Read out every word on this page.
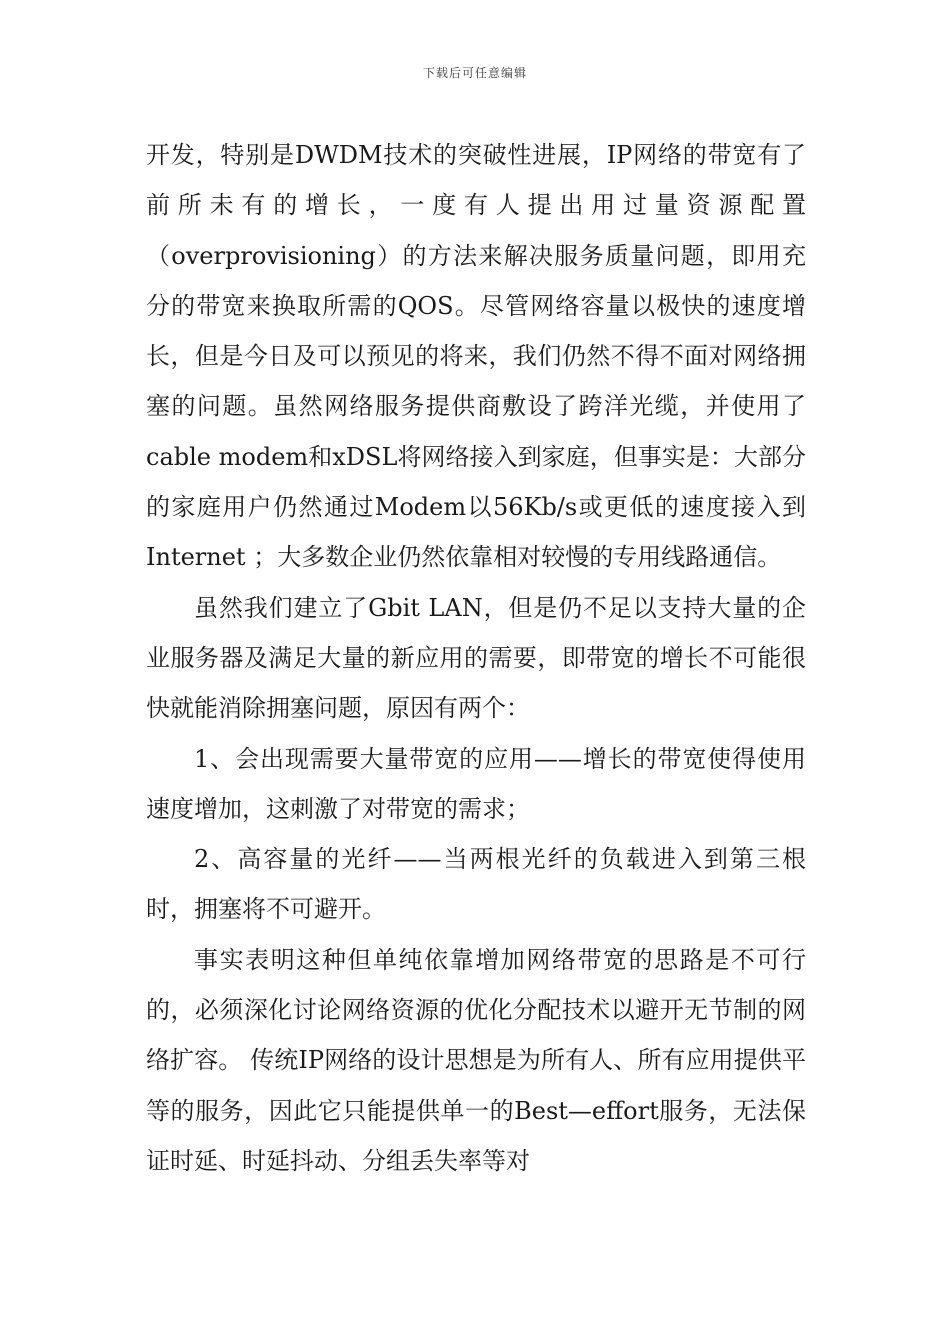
下载后可任意编辑

开发，特别是DWDM技术的突破性进展，IP网络的带宽有了前所未有的增长，一度有人提出用过量资源配置（overprovisioning）的方法来解决服务质量问题，即用充分的带宽来换取所需的QOS。尽管网络容量以极快的速度增长，但是今日及可以预见的将来，我们仍然不得不面对网络拥塞的问题。虽然网络服务提供商敷设了跨洋光缆，并使用了cable modem和xDSL将网络接入到家庭，但事实是：大部分的家庭用户仍然通过Modem以56Kb/s或更低的速度接入到Internet ；大多数企业仍然依靠相对较慢的专用线路通信。

虽然我们建立了Gbit LAN，但是仍不足以支持大量的企业服务器及满足大量的新应用的需要，即带宽的增长不可能很快就能消除拥塞问题，原因有两个：

1、会出现需要大量带宽的应用——增长的带宽使得使用速度增加，这刺激了对带宽的需求；

2、高容量的光纤——当两根光纤的负载进入到第三根时，拥塞将不可避开。

事实表明这种但单纯依靠增加网络带宽的思路是不可行的，必须深化讨论网络资源的优化分配技术以避开无节制的网络扩容。 传统IP网络的设计思想是为所有人、所有应用提供平等的服务，因此它只能提供单一的Best—effort服务，无法保证时延、时延抖动、分组丢失率等对
